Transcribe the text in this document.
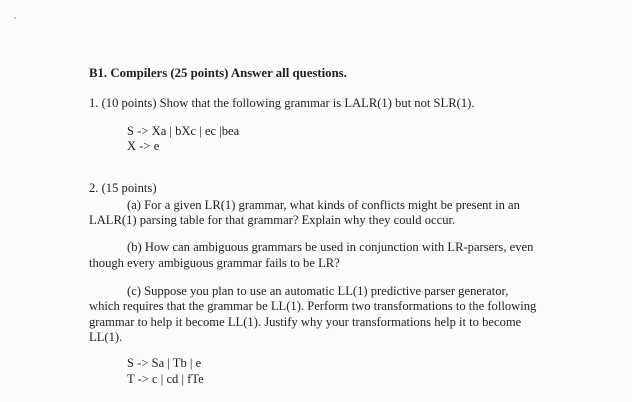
B1. Compilers (25 points) Answer all questions.
1. (10 points) Show that the following grammar is LALR(1) but not SLR(1).
S -> Xa | bXc | ec |bea
X -> e
2. (15 points)
(a) For a given LR(1) grammar, what kinds of conflicts might be present in an
LALR(1) parsing table for that grammar? Explain why they could occur.
(b) How can ambiguous grammars be used in conjunction with LR-parsers, even
though every ambiguous grammar fails to be LR?
(c) Suppose you plan to use an automatic LL(1) predictive parser generator,
which requires that the grammar be LL(1). Perform two transformations to the following
grammar to help it become LL(1). Justify why your transformations help it to become
LL(1).
S -> Sa | Tb | e
T -> c | cd | fTe
